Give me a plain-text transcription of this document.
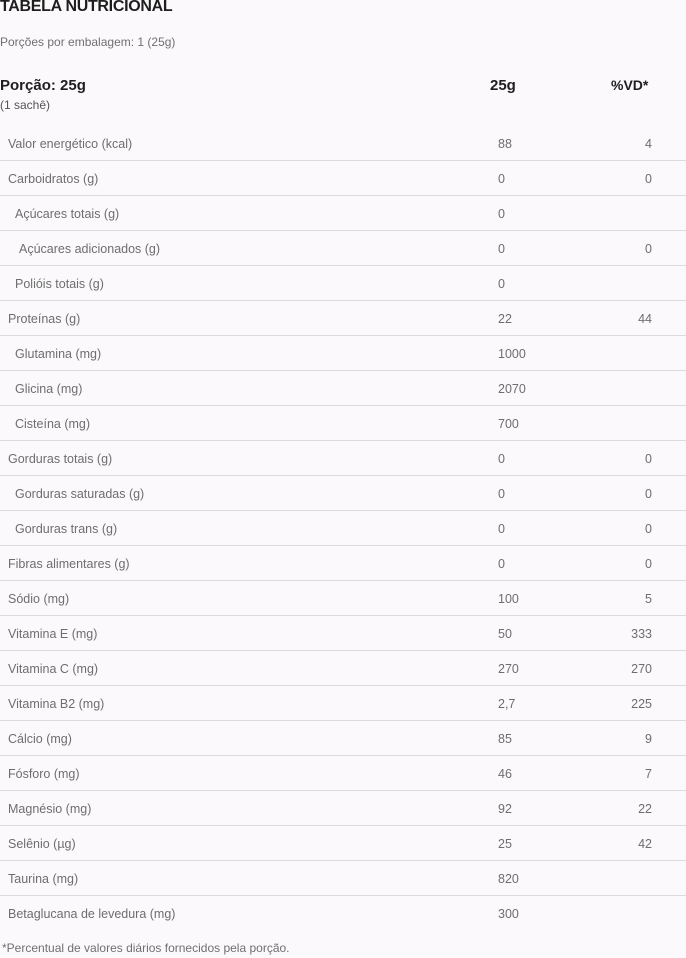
TABELA NUTRICIONAL
Porções por embalagem: 1 (25g)
Porção: 25g
(1 sachê)
25g	%VD*
Valor energético (kcal)	88	4
Carboidratos (g)	0	0
Açúcares totais (g)	0
Açúcares adicionados (g)	0	0
Polióis totais (g)	0
Proteínas (g)	22	44
Glutamina (mg)	1000
Glicina (mg)	2070
Cisteína (mg)	700
Gorduras totais (g)	0	0
Gorduras saturadas (g)	0	0
Gorduras trans (g)	0	0
Fibras alimentares (g)	0	0
Sódio (mg)	100	5
Vitamina E (mg)	50	333
Vitamina C (mg)	270	270
Vitamina B2 (mg)	2,7	225
Cálcio (mg)	85	9
Fósforo (mg)	46	7
Magnésio (mg)	92	22
Selênio (µg)	25	42
Taurina (mg)	820
Betaglucana de levedura (mg)	300
*Percentual de valores diários fornecidos pela porção.
